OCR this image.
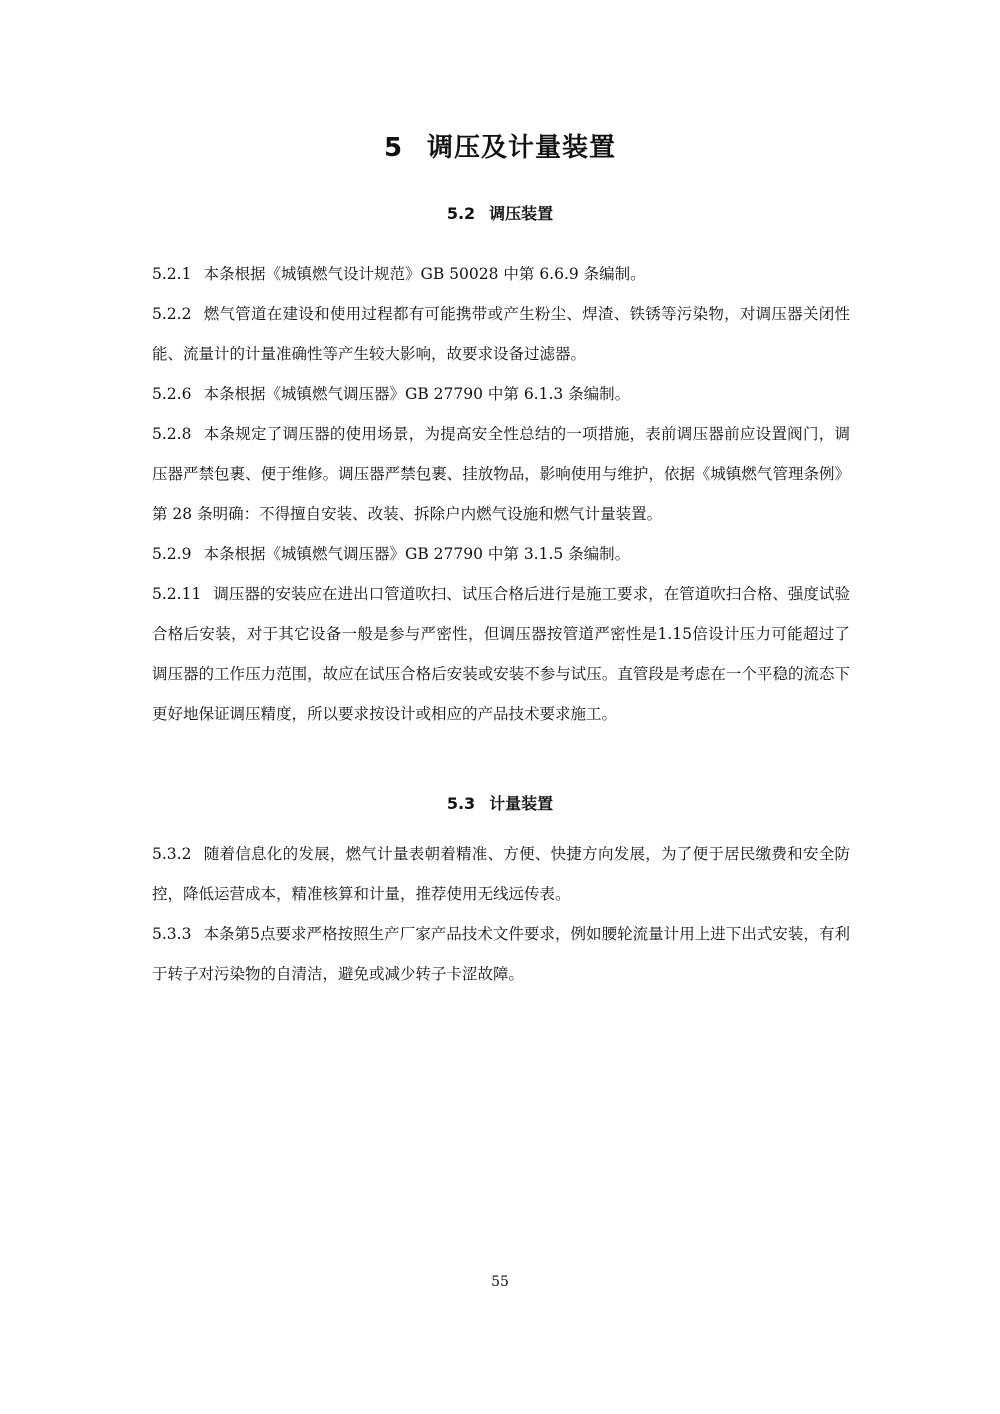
5 调压及计量装置
5.2 调压装置

5.2.1 本条根据《城镇燃气设计规范》GB 50028 中第 6.6.9 条编制。

5.2.2 燃气管道在建设和使用过程都有可能携带或产生粉尘、焊渣、铁锈等污染物，对调压器关闭性能、流量计的计量准确性等产生较大影响，故要求设备过滤器。

5.2.6 本条根据《城镇燃气调压器》GB 27790 中第 6.1.3 条编制。

5.2.8 本条规定了调压器的使用场景，为提高安全性总结的一项措施，表前调压器前应设置阀门，调压器严禁包裹、便于维修。调压器严禁包裹、挂放物品，影响使用与维护，依据《城镇燃气管理条例》第 28 条明确：不得擅自安装、改装、拆除户内燃气设施和燃气计量装置。

5.2.9 本条根据《城镇燃气调压器》GB 27790 中第 3.1.5 条编制。

5.2.11 调压器的安装应在进出口管道吹扫、试压合格后进行是施工要求，在管道吹扫合格、强度试验合格后安装，对于其它设备一般是参与严密性，但调压器按管道严密性是1.15倍设计压力可能超过了调压器的工作压力范围，故应在试压合格后安装或安装不参与试压。直管段是考虑在一个平稳的流态下更好地保证调压精度，所以要求按设计或相应的产品技术要求施工。

5.3 计量装置

5.3.2 随着信息化的发展，燃气计量表朝着精准、方便、快捷方向发展，为了便于居民缴费和安全防控，降低运营成本，精准核算和计量，推荐使用无线远传表。

5.3.3 本条第5点要求严格按照生产厂家产品技术文件要求，例如腰轮流量计用上进下出式安装，有利于转子对污染物的自清洁，避免或减少转子卡涩故障。

55
